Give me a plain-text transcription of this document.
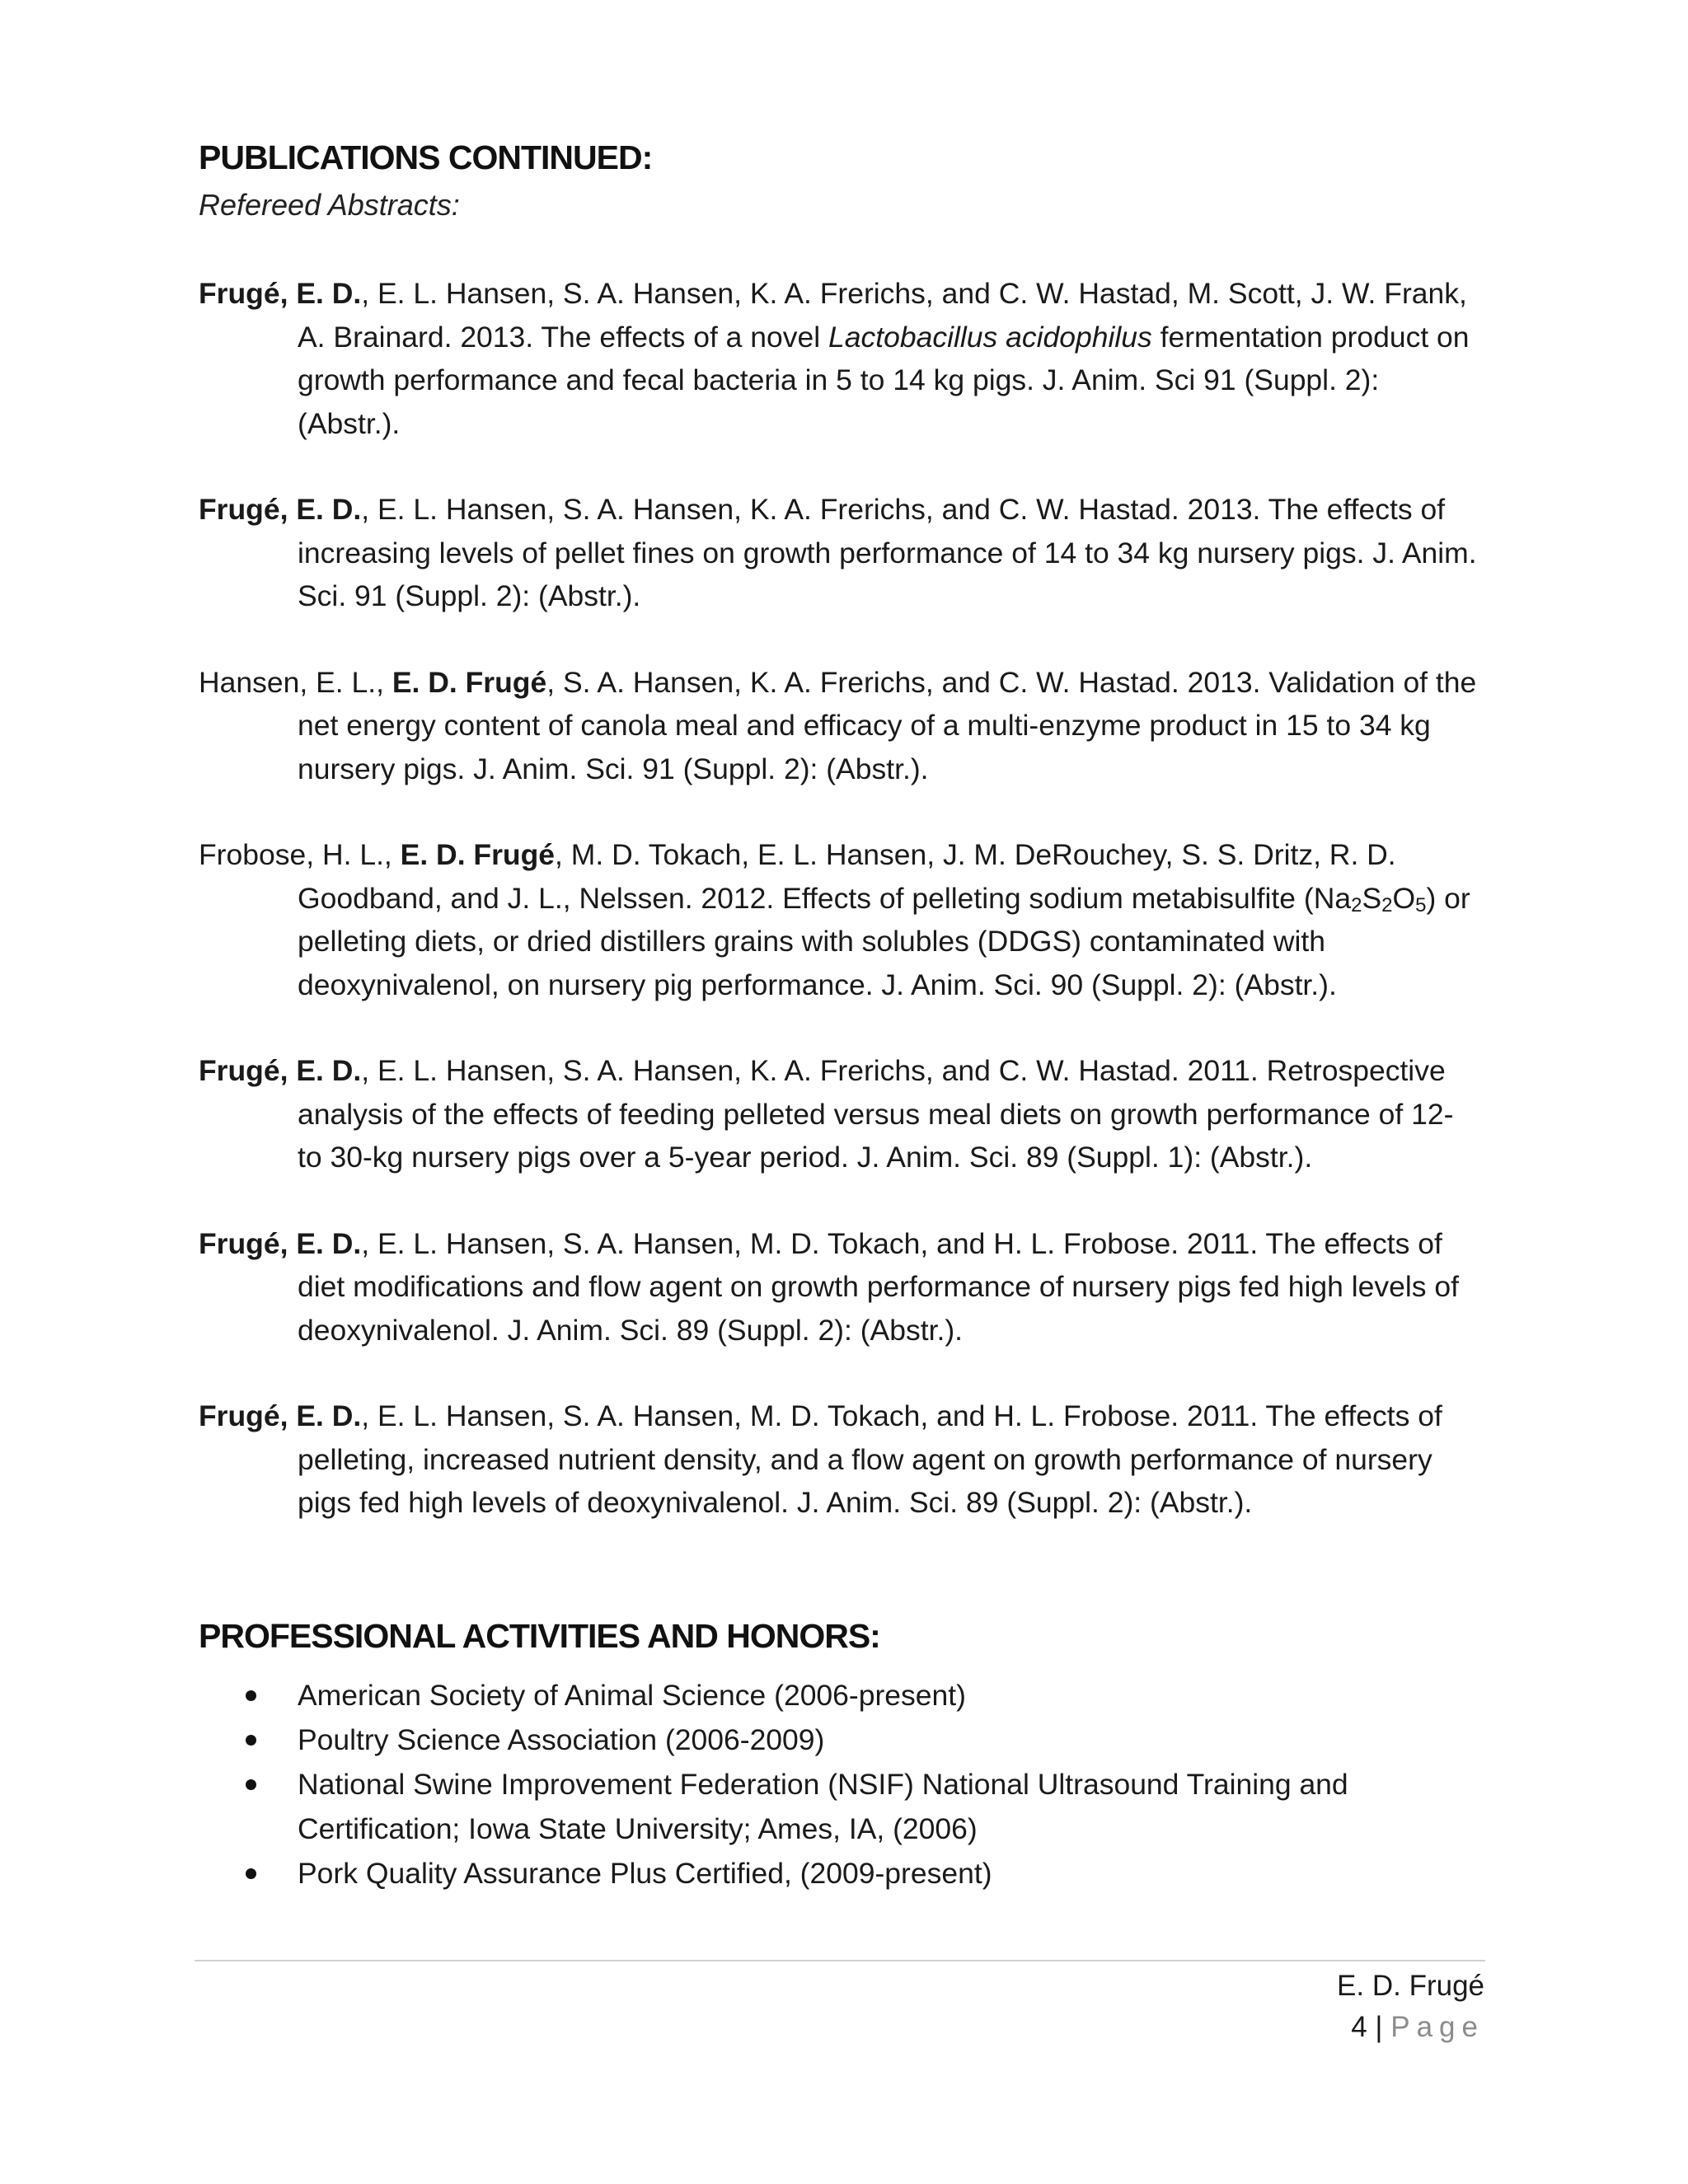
PUBLICATIONS CONTINUED:
Refereed Abstracts:

Frugé, E. D., E. L. Hansen, S. A. Hansen, K. A. Frerichs, and C. W. Hastad, M. Scott, J. W. Frank, A. Brainard. 2013. The effects of a novel Lactobacillus acidophilus fermentation product on growth performance and fecal bacteria in 5 to 14 kg pigs. J. Anim. Sci 91 (Suppl. 2): (Abstr.).

Frugé, E. D., E. L. Hansen, S. A. Hansen, K. A. Frerichs, and C. W. Hastad. 2013. The effects of increasing levels of pellet fines on growth performance of 14 to 34 kg nursery pigs. J. Anim. Sci. 91 (Suppl. 2): (Abstr.).

Hansen, E. L., E. D. Frugé, S. A. Hansen, K. A. Frerichs, and C. W. Hastad. 2013. Validation of the net energy content of canola meal and efficacy of a multi-enzyme product in 15 to 34 kg nursery pigs. J. Anim. Sci. 91 (Suppl. 2): (Abstr.).

Frobose, H. L., E. D. Frugé, M. D. Tokach, E. L. Hansen, J. M. DeRouchey, S. S. Dritz, R. D. Goodband, and J. L., Nelssen. 2012. Effects of pelleting sodium metabisulfite $(Na_2S_2O_5)$ or pelleting diets, or dried distillers grains with solubles (DDGS) contaminated with deoxynivalenol, on nursery pig performance. J. Anim. Sci. 90 (Suppl. 2): (Abstr.).

Frugé, E. D., E. L. Hansen, S. A. Hansen, K. A. Frerichs, and C. W. Hastad. 2011. Retrospective analysis of the effects of feeding pelleted versus meal diets on growth performance of 12- to 30-kg nursery pigs over a 5-year period. J. Anim. Sci. 89 (Suppl. 1): (Abstr.).

Frugé, E. D., E. L. Hansen, S. A. Hansen, M. D. Tokach, and H. L. Frobose. 2011. The effects of diet modifications and flow agent on growth performance of nursery pigs fed high levels of deoxynivalenol. J. Anim. Sci. 89 (Suppl. 2): (Abstr.).

Frugé, E. D., E. L. Hansen, S. A. Hansen, M. D. Tokach, and H. L. Frobose. 2011. The effects of pelleting, increased nutrient density, and a flow agent on growth performance of nursery pigs fed high levels of deoxynivalenol. J. Anim. Sci. 89 (Suppl. 2): (Abstr.).

PROFESSIONAL ACTIVITIES AND HONORS:
American Society of Animal Science (2006-present)
Poultry Science Association (2006-2009)
National Swine Improvement Federation (NSIF) National Ultrasound Training and Certification; Iowa State University; Ames, IA, (2006)
Pork Quality Assurance Plus Certified, (2009-present)
E. D. Frugé
4 | Page
